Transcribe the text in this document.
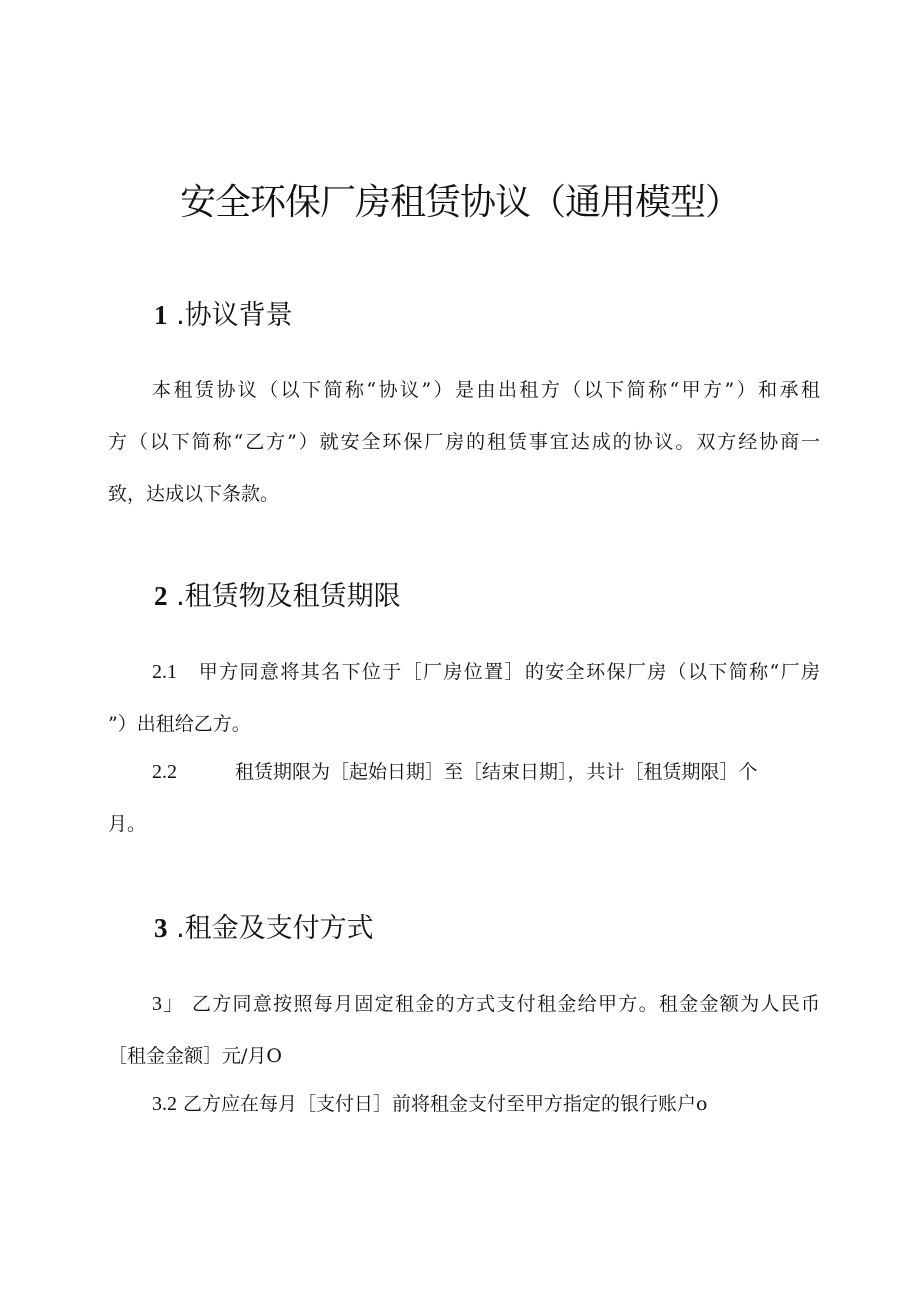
安全环保厂房租赁协议（通用模型）
1 .协议背景
本租赁协议（以下简称“协议”）是由出租方（以下简称“甲方”）和承租
方（以下简称“乙方”）就安全环保厂房的租赁事宜达成的协议。双方经协商一
致，达成以下条款。
2 .租赁物及租赁期限
2.1　 甲方同意将其名下位于［厂房位置］的安全环保厂房（以下简称“厂房
”）出租给乙方。
2.2	租赁期限为［起始日期］至［结束日期］，共计［租赁期限］个
月。
3 .租金及支付方式
3」 乙方同意按照每月固定租金的方式支付租金给甲方。租金金额为人民币
［租金金额］元/月O
3.2 乙方应在每月［支付日］前将租金支付至甲方指定的银行账户o
